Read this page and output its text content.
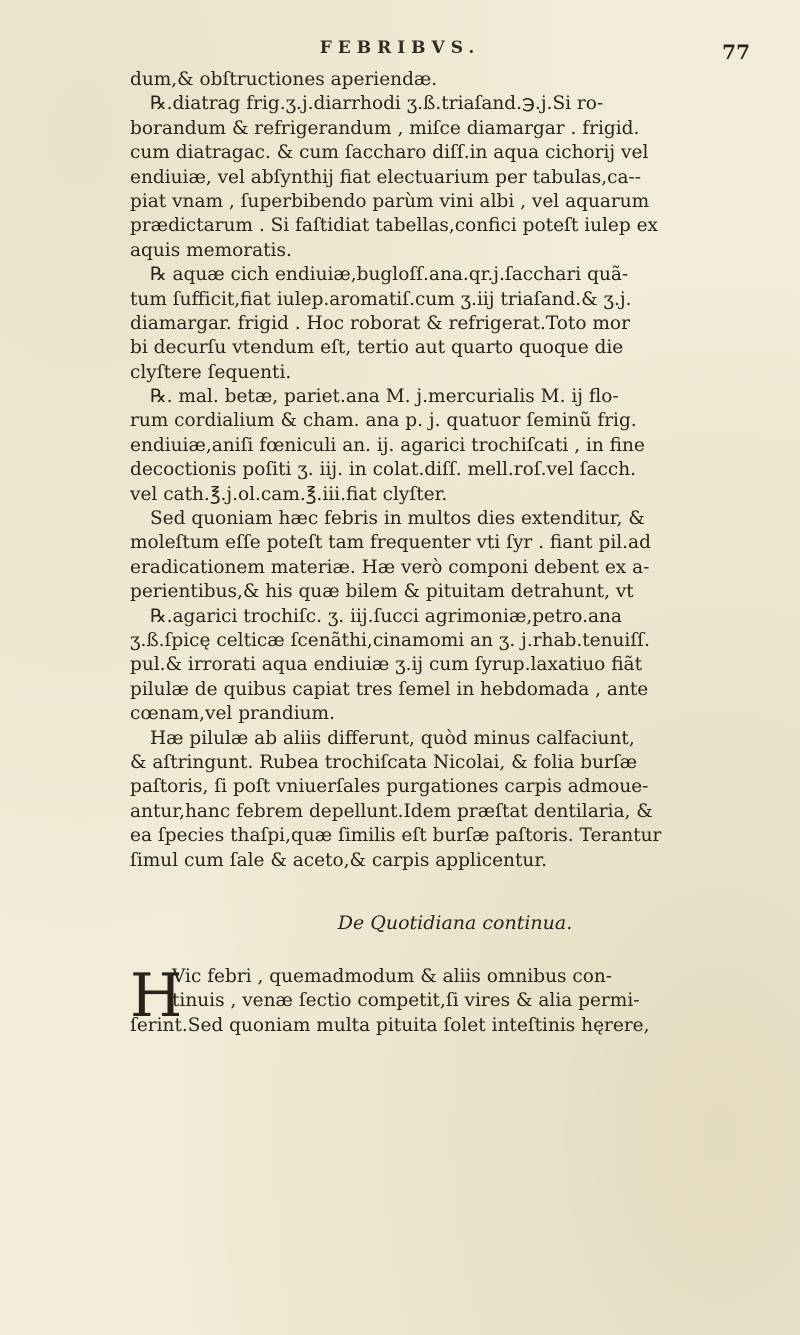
FEBRIBVS.	77
dum,& obſtructiones aperiendæ.
℞.diatrag frig.ʒ.j.diarrhodi ʒ.ß.triaſand.℈.j.Si ro-
borandum & refrigerandum , miſce diamargar . frigid.
cum diatragac. & cum ſaccharo diſſ.in aqua cichorij vel
endiuiæ, vel abſynthij fiat electuarium per tabulas,ca--
piat vnam , ſuperbibendo parùm vini albi , vel aquarum
prædictarum . Si faſtidiat tabellas,confici poteſt iulep ex
aquis memoratis.
℞ aquæ cich endiuiæ,bugloſſ.ana.qr.j.ſacchari quã-
tum ſufficit,fiat iulep.aromatiſ.cum ʒ.iij triaſand.& ʒ.j.
diamargar. frigid . Hoc roborat & refrigerat.Toto mor
bi decurſu vtendum eſt, tertio aut quarto quoque die
clyſtere ſequenti.
℞. mal. betæ, pariet.ana M. j.mercurialis M. ij flo-
rum cordialium & cham. ana p. j. quatuor ſeminũ frig.
endiuiæ,aniſi fœniculi an. ij. agarici trochiſcati , in fine
decoctionis poſiti ʒ. iij. in colat.diſſ. mell.roſ.vel ſacch.
vel cath.℥.j.ol.cam.℥.iii.fiat clyſter.
Sed quoniam hæc febris in multos dies extenditur, &
moleſtum eſſe poteſt tam frequenter vti ſyr . fiant pil.ad
eradicationem materiæ. Hæ verò componi debent ex a-
perientibus,& his quæ bilem & pituitam detrahunt, vt
℞.agarici trochiſc. ʒ. iij.ſucci agrimoniæ,petro.ana
ʒ.ß.ſpicę celticæ ſcenãthi,cinamomi an ʒ. j.rhab.tenuiſſ.
pul.& irrorati aqua endiuiæ ʒ.ij cum ſyrup.laxatiuo fiãt
pilulæ de quibus capiat tres ſemel in hebdomada , ante
cœnam,vel prandium.
Hæ pilulæ ab aliis differunt, quòd minus calfaciunt,
& aſtringunt. Rubea trochiſcata Nicolai, & folia burſæ
paſtoris, ſi poſt vniuerſales purgationes carpis admoue-
antur,hanc febrem depellunt.Idem præſtat dentilaria, &
ea ſpecies thaſpi,quæ ſimilis eſt burſæ paſtoris. Terantur
ſimul cum ſale & aceto,& carpis applicentur.
De Quotidiana continua.
H
Vic febri , quemadmodum & aliis omnibus con-
tinuis , venæ ſectio competit,ſi vires & alia permi-
ſerint.Sed quoniam multa pituita ſolet inteſtinis hęrere,
